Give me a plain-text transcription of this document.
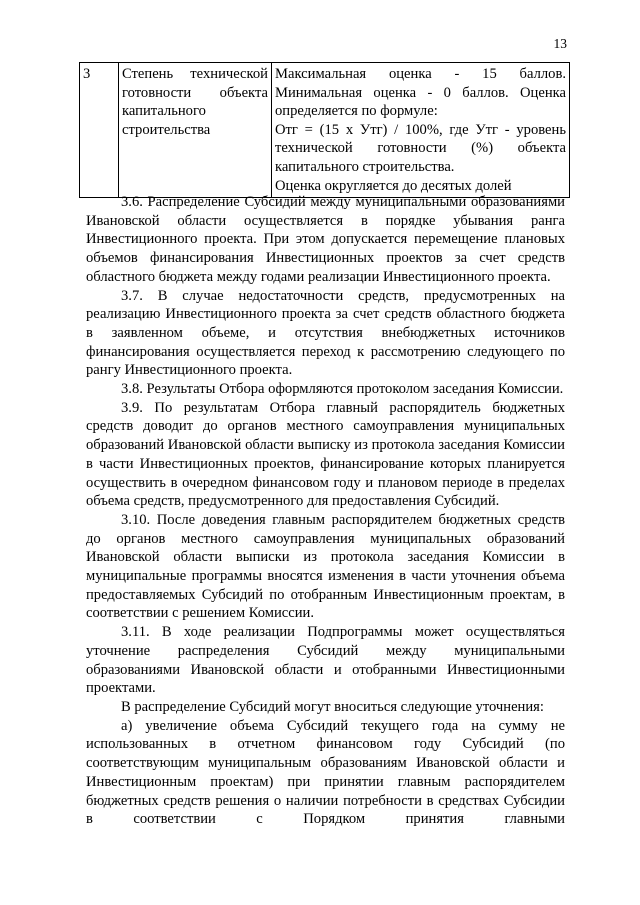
13
3	Степень технической готовности объекта капитального строительства	
Максимальная оценка - 15 баллов. Минимальная оценка - 0 баллов. Оценка определяется по формуле:
Отг = (15 x Утг) / 100%, где Утг - уровень технической готовности (%) объекта капитального строительства.
Оценка округляется до десятых долей

3.6. Распределение Субсидий между муниципальными образованиями Ивановской области осуществляется в порядке убывания ранга Инвестиционного проекта. При этом допускается перемещение плановых объемов финансирования Инвестиционных проектов за счет средств областного бюджета между годами реализации Инвестиционного проекта.

3.7. В случае недостаточности средств, предусмотренных на реализацию Инвестиционного проекта за счет средств областного бюджета в заявленном объеме, и отсутствия внебюджетных источников финансирования осуществляется переход к рассмотрению следующего по рангу Инвестиционного проекта.

3.8. Результаты Отбора оформляются протоколом заседания Комиссии.

3.9. По результатам Отбора главный распорядитель бюджетных средств доводит до органов местного самоуправления муниципальных образований Ивановской области выписку из протокола заседания Комиссии в части Инвестиционных проектов, финансирование которых планируется осуществить в очередном финансовом году и плановом периоде в пределах объема средств, предусмотренного для предоставления Субсидий.

3.10. После доведения главным распорядителем бюджетных средств до органов местного самоуправления муниципальных образований Ивановской области выписки из протокола заседания Комиссии в муниципальные программы вносятся изменения в части уточнения объема предоставляемых Субсидий по отобранным Инвестиционным проектам, в соответствии с решением Комиссии.

3.11. В ходе реализации Подпрограммы может осуществляться уточнение распределения Субсидий между муниципальными образованиями Ивановской области и отобранными Инвестиционными проектами.

В распределение Субсидий могут вноситься следующие уточнения:

а) увеличение объема Субсидий текущего года на сумму не использованных в отчетном финансовом году Субсидий (по соответствующим муниципальным образованиям Ивановской области и Инвестиционным проектам) при принятии главным распорядителем бюджетных средств решения о наличии потребности в средствах Субсидии в соответствии с Порядком принятия главными
